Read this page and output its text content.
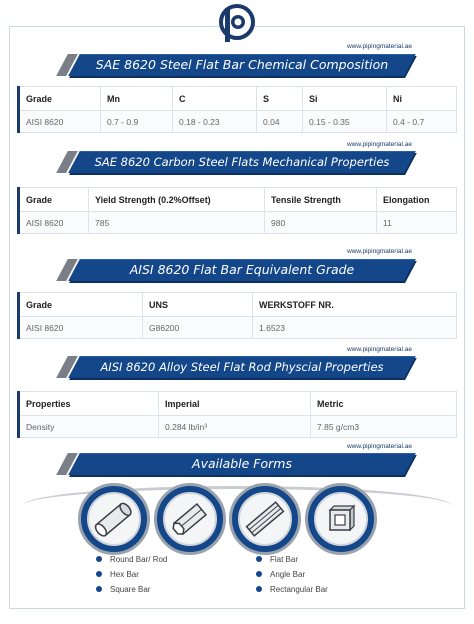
www.pipingmaterial.ae
SAE 8620 Steel Flat Bar Chemical Composition
Grade	Mn	C	S	Si	Ni
AISI 8620	0.7 - 0.9	0.18 - 0.23	0.04	0.15 - 0.35	0.4 - 0.7
www.pipingmaterial.ae
SAE 8620 Carbon Steel Flats Mechanical Properties
Grade	Yield Strength (0.2%Offset)	Tensile Strength	Elongation
AISI 8620	785	980	11
www.pipingmaterial.ae
AISI 8620 Flat Bar Equivalent Grade
Grade	UNS	WERKSTOFF NR.
AISI 8620	G86200	1.6523
www.pipingmaterial.ae
AISI 8620 Alloy Steel Flat Rod Physcial Properties
Properties	Imperial	Metric
Density	0.284 lb/in³	7.85 g/cm3
www.pipingmaterial.ae
Available Forms
Round Bar/ Rod
Hex Bar
Square Bar
Flat Bar
Angle Bar
Rectangular Bar
